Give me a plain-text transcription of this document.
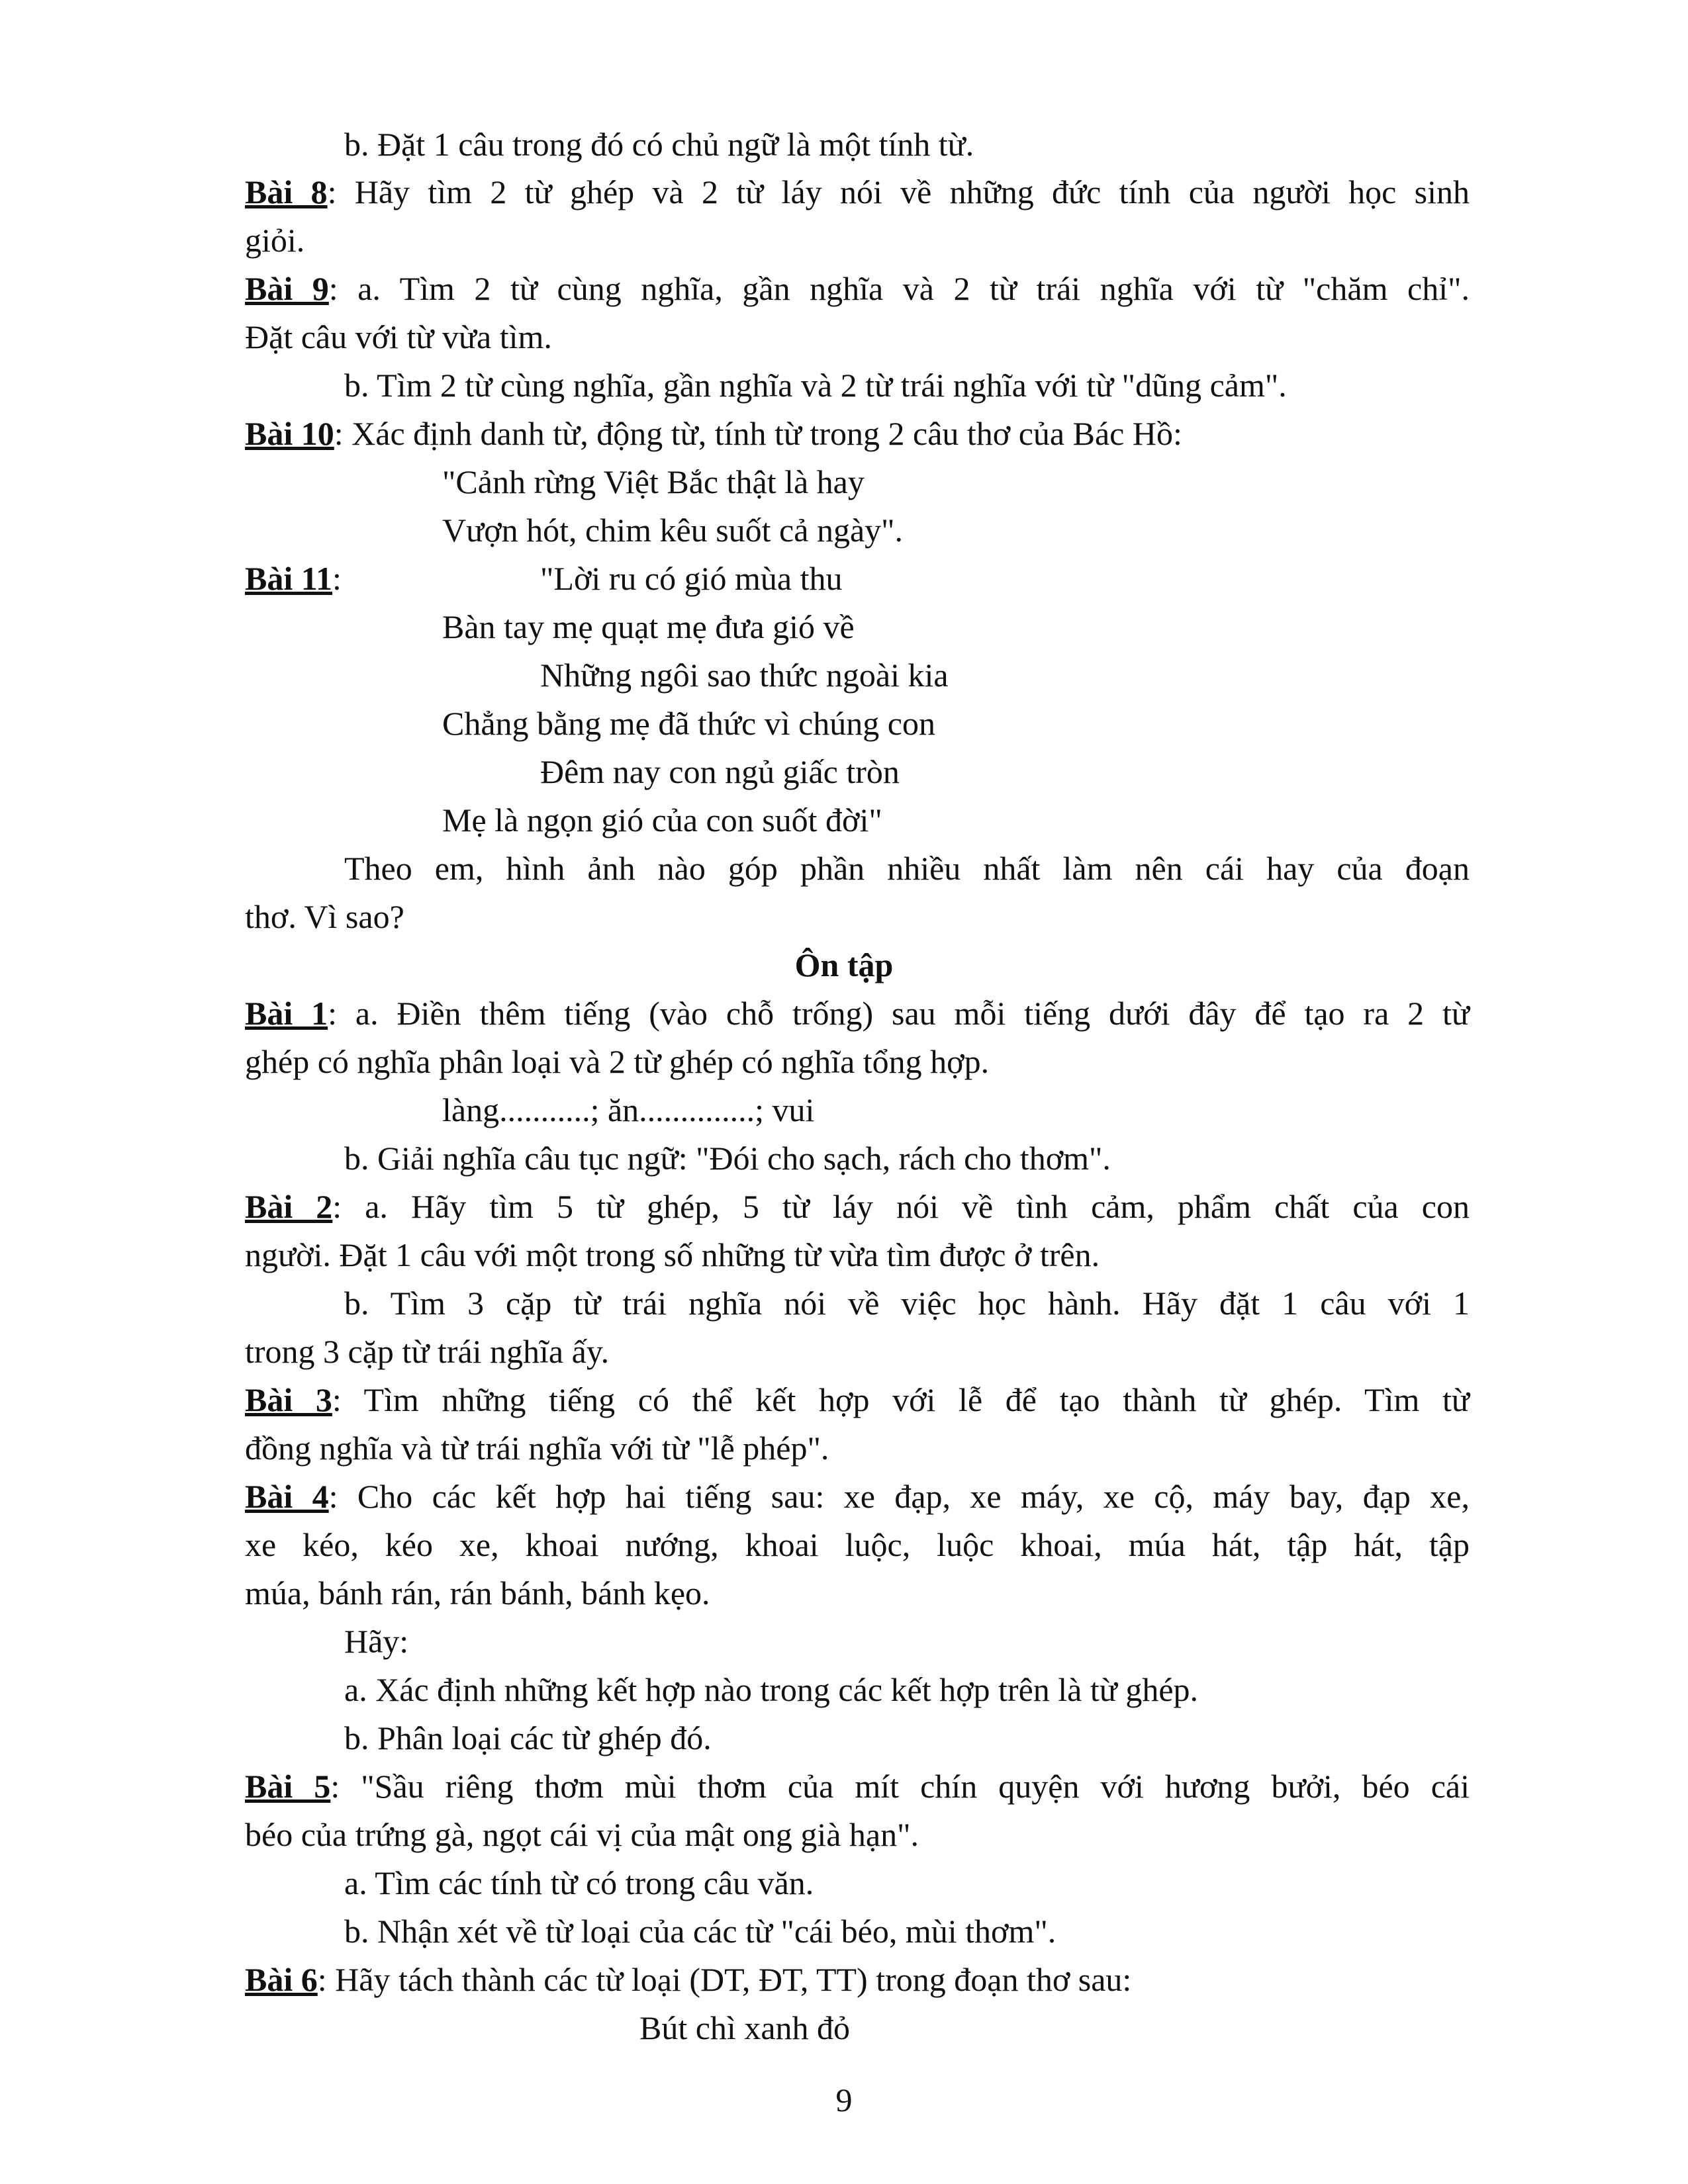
b. Đặt 1 câu trong đó có chủ ngữ là một tính từ.
Bài 8: Hãy tìm 2 từ ghép và 2 từ láy nói về những đức tính của người học sinh
giỏi.
Bài 9: a. Tìm 2 từ cùng nghĩa, gần nghĩa và 2 từ trái nghĩa với từ "chăm chỉ".
Đặt câu với từ vừa tìm.
b. Tìm 2 từ cùng nghĩa, gần nghĩa và 2 từ trái nghĩa với từ "dũng cảm".
Bài 10: Xác định danh từ, động từ, tính từ trong 2 câu thơ của Bác Hồ:
"Cảnh rừng Việt Bắc thật là hay
Vượn hót, chim kêu suốt cả ngày".
Bài 11:	"Lời ru có gió mùa thu
Bàn tay mẹ quạt mẹ đưa gió về
Những ngôi sao thức ngoài kia
Chẳng bằng mẹ đã thức vì chúng con
Đêm nay con ngủ giấc tròn
Mẹ là ngọn gió của con suốt đời"
Theo em, hình ảnh nào góp phần nhiều nhất làm nên cái hay của đoạn
thơ. Vì sao?
Ôn tập
Bài 1: a. Điền thêm tiếng (vào chỗ trống) sau mỗi tiếng dưới đây để tạo ra 2 từ
ghép có nghĩa phân loại và 2 từ ghép có nghĩa tổng hợp.
làng...........; ăn..............; vui
b. Giải nghĩa câu tục ngữ: "Đói cho sạch, rách cho thơm".
Bài 2: a. Hãy tìm 5 từ ghép, 5 từ láy nói về tình cảm, phẩm chất của con
người. Đặt 1 câu với một trong số những từ vừa tìm được ở trên.
b. Tìm 3 cặp từ trái nghĩa nói về việc học hành. Hãy đặt 1 câu với 1
trong 3 cặp từ trái nghĩa ấy.
Bài 3: Tìm những tiếng có thể kết hợp với lễ để tạo thành từ ghép. Tìm từ
đồng nghĩa và từ trái nghĩa với từ "lễ phép".
Bài 4: Cho các kết hợp hai tiếng sau: xe đạp, xe máy, xe cộ, máy bay, đạp xe,
xe kéo, kéo xe, khoai nướng, khoai luộc, luộc khoai, múa hát, tập hát, tập
múa, bánh rán, rán bánh, bánh kẹo.
Hãy:
a. Xác định những kết hợp nào trong các kết hợp trên là từ ghép.
b. Phân loại các từ ghép đó.
Bài 5: "Sầu riêng thơm mùi thơm của mít chín quyện với hương bưởi, béo cái
béo của trứng gà, ngọt cái vị của mật ong già hạn".
a. Tìm các tính từ có trong câu văn.
b. Nhận xét về từ loại của các từ "cái béo, mùi thơm".
Bài 6: Hãy tách thành các từ loại (DT, ĐT, TT) trong đoạn thơ sau:
Bút chì xanh đỏ
9
